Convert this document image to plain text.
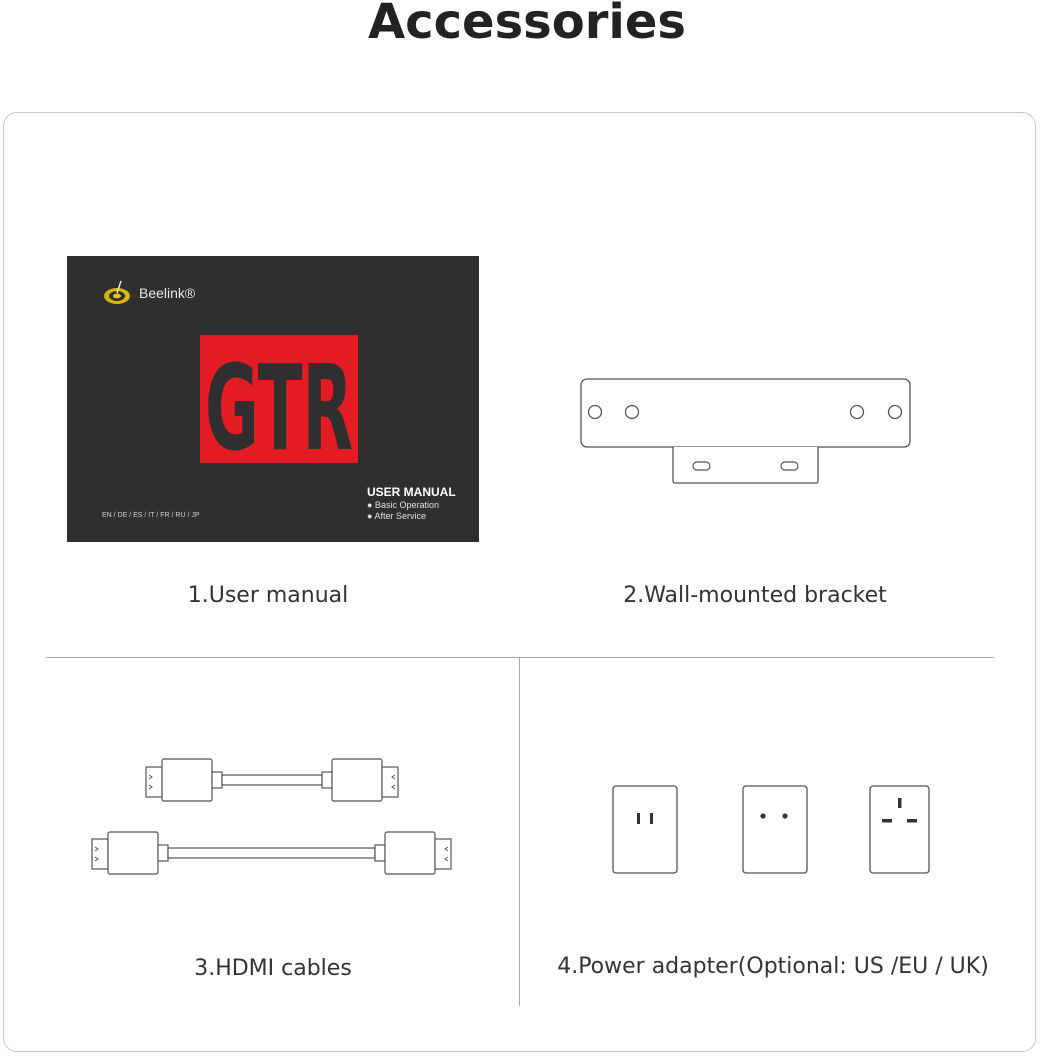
Accessories
Beelink®
GTR
USER MANUAL
● Basic Operation
● After Service
EN / DE / ES / IT / FR / RU / JP
1.User manual	2.Wall-mounted bracket
3.HDMI cables	4.Power adapter(Optional: US /EU / UK)
